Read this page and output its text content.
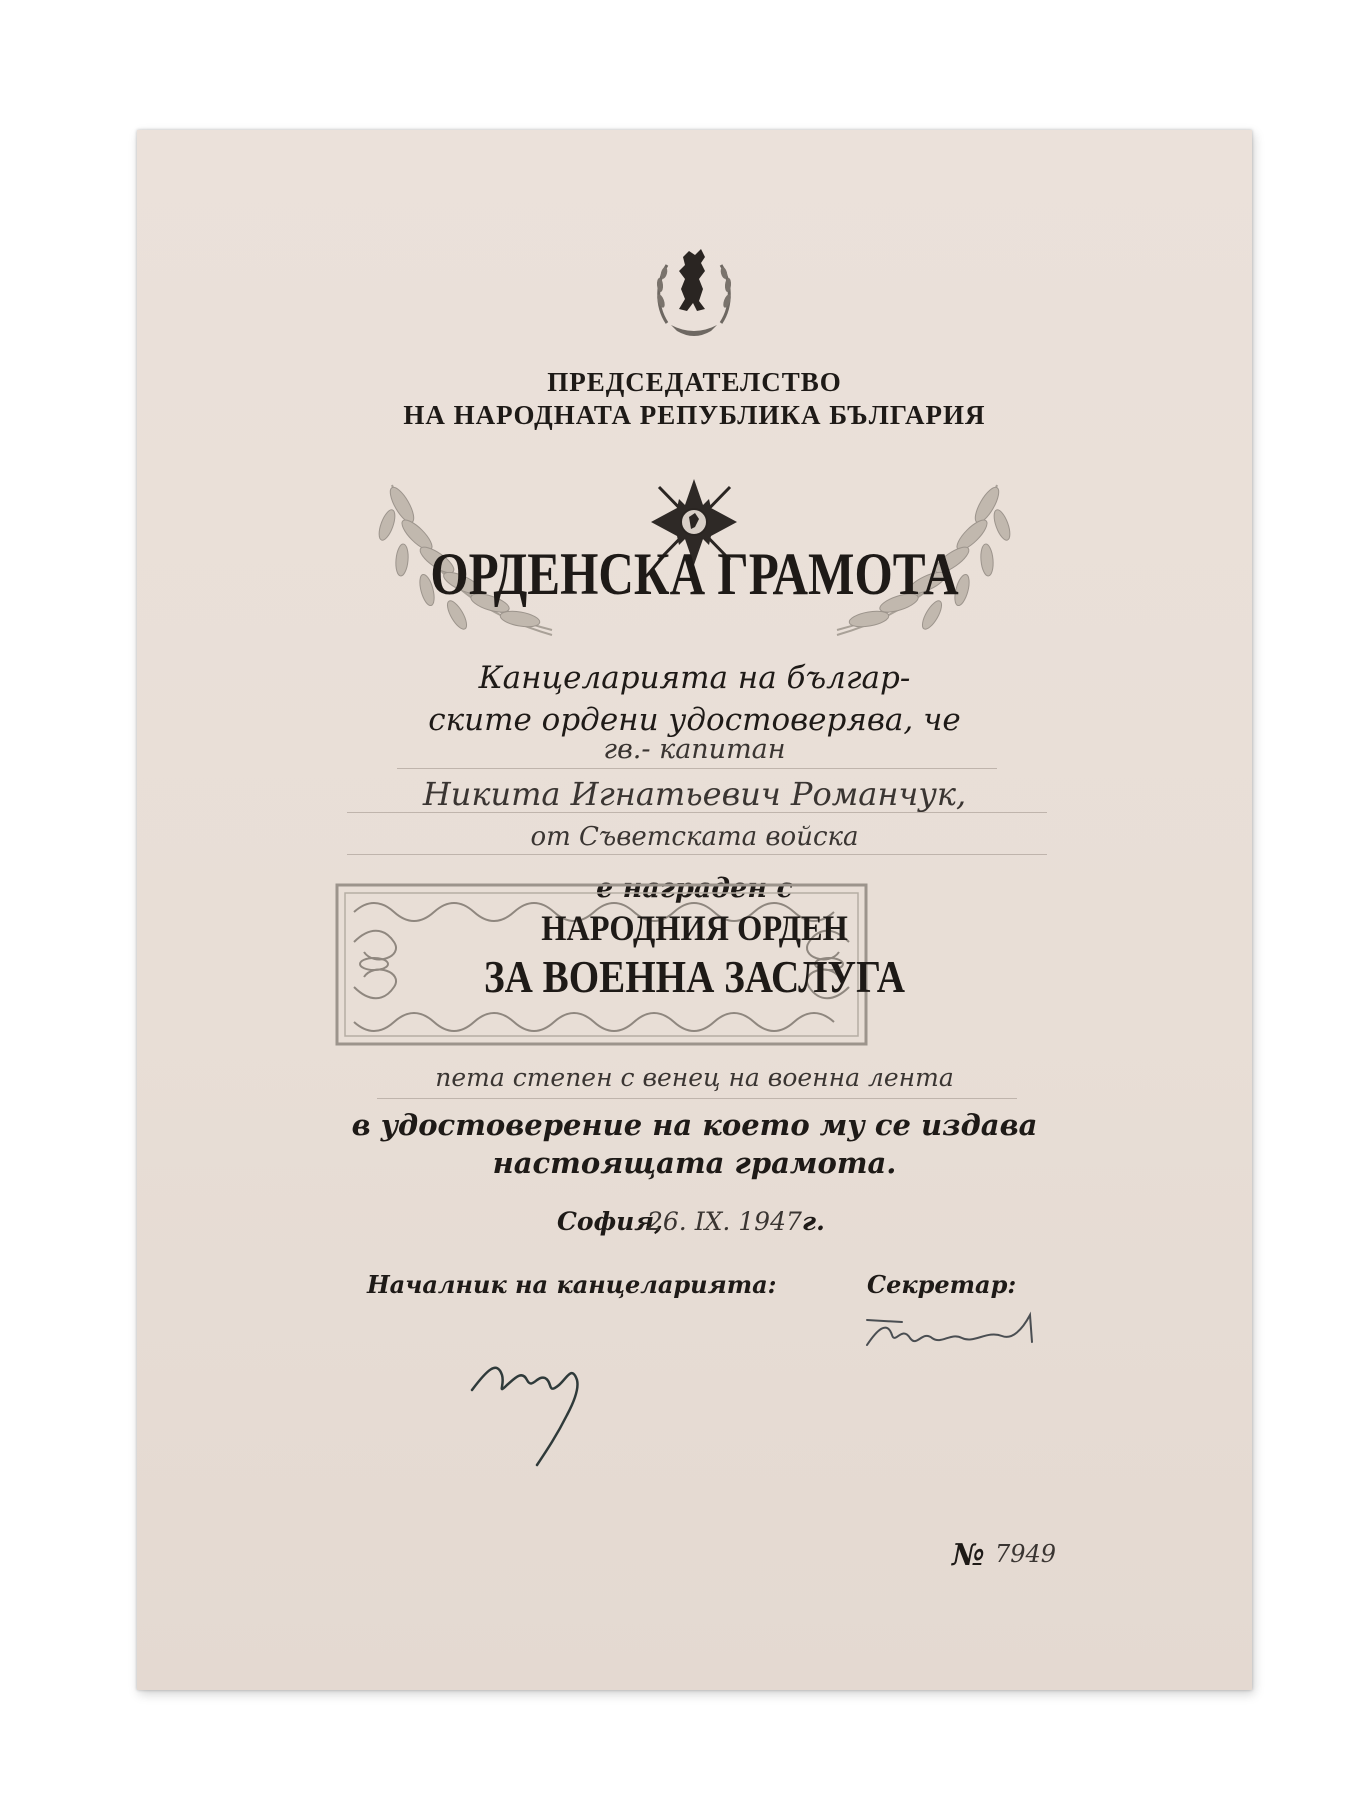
ПРЕДСЕДАТЕЛСТВО
НА НАРОДНАТА РЕПУБЛИКА БЪЛГАРИЯ
ОРДЕНСКА ГРАМОТА
Канцеларията на българ-
ските ордени удостоверява, че
гв.- капитан
Никита Игнатьевич Романчук,
от Съветската войска
е награден с
НАРОДНИЯ ОРДЕН
ЗА ВОЕННА ЗАСЛУГА
пета степен с венец на военна лента
в удостоверение на което му се издава
настоящата грамота.
София,
26. IX. 1947 г.
Началник на канцеларията:	Секретар:
№ 7949
